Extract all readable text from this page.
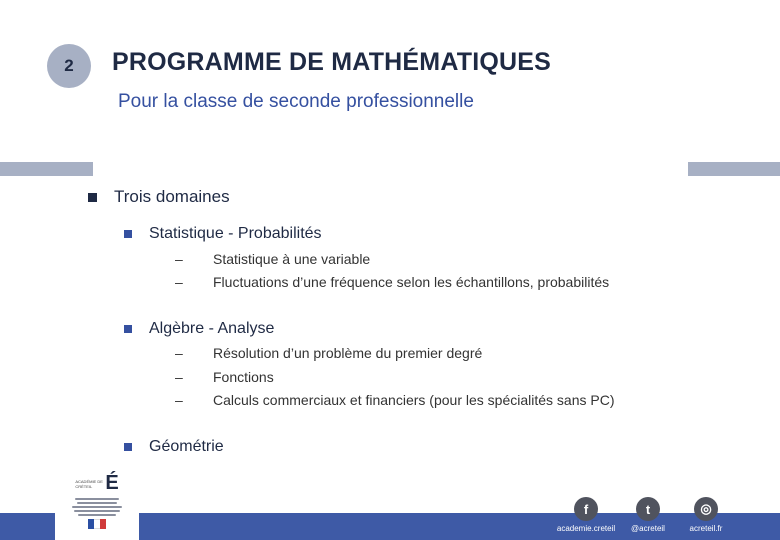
2 PROGRAMME DE MATHÉMATIQUES
Pour la classe de seconde professionnelle
Trois domaines
Statistique - Probabilités
–	Statistique à une variable
–	Fluctuations d’une fréquence selon les échantillons, probabilités
Algèbre - Analyse
–	Résolution d’un problème du premier degré
–	Fonctions
–	Calculs commerciaux et financiers (pour les spécialités sans PC)
Géométrie
ACADÉMIE DE CRÉTEIL É
f
academie.creteil
t
@acreteil
◎
acreteil.fr
